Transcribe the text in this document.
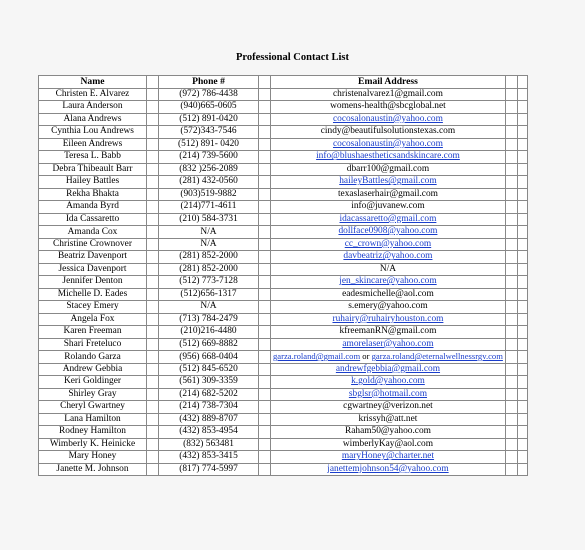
Professional Contact List
Name		Phone #		Email Address		
Christen E. Alvarez		(972) 786-4438		christenalvarez1@gmail.com		
Laura Anderson		(940)665-0605		womens-health@sbcglobal.net		
Alana Andrews		(512) 891-0420		cocosalonaustin@yahoo.com		
Cynthia Lou Andrews		(572)343-7546		cindy@beautifulsolutionstexas.com		
Eileen Andrews		(512) 891- 0420		cocosalonaustin@yahoo.com		
Teresa L. Babb		(214) 739-5600		info@blushaestheticsandskincare.com		
Debra Thibeault Barr		(832 )256-2089		dbarr100@gmail.com		
Hailey Battles		(281) 432-0560		haileyBattles@gmail.com		
Rekha Bhakta		(903)519-9882		texaslaserhair@gmail.com		
Amanda Byrd		(214)771-4611		info@juvanew.com		
Ida Cassaretto		(210) 584-3731		idacassaretto@gmail.com		
Amanda Cox		N/A		dollface0908@yahoo.com		
Christine Crownover		N/A		cc_crown@yahoo.com		
Beatriz Davenport		(281) 852-2000		davbeatriz@yahoo.com		
Jessica Davenport		(281) 852-2000		N/A		
Jennifer Denton		(512) 773-7128		jen_skincare@yahoo.com		
Michelle D. Eades		(512)656-1317		eadesmichelle@aol.com		
Stacey Emery		N/A		s.emery@yahoo.com		
Angela Fox		(713) 784-2479		ruhairy@ruhairyhouston.com		
Karen Freeman		(210)216-4480		kfreemanRN@gmail.com		
Shari Freteluco		(512) 669-8882		amorelaser@yahoo.com		
Rolando Garza		(956) 668-0404		garza.roland@gmail.com or garza.roland@eternalwellnessrgv.com		
Andrew Gebbia		(512) 845-6520		andrewfgebbia@gmail.com		
Keri Goldinger		(561) 309-3359		k.gold@yahoo.com		
Shirley Gray		(214) 682-5202		sbglsr@hotmail.com		
Cheryl Gwartney		(214) 738-7304		cgwartney@verizon.net		
Lana Hamilton		(432) 889-8707		krissyh@att.net		
Rodney Hamilton		(432) 853-4954		Raham50@yahoo.com		
Wimberly K. Heinicke		(832) 563481		wimberlyKay@aol.com		
Mary Honey		(432) 853-3415		maryHoney@charter.net		
Janette M. Johnson		(817) 774-5997		janettemjohnson54@yahoo.com		
